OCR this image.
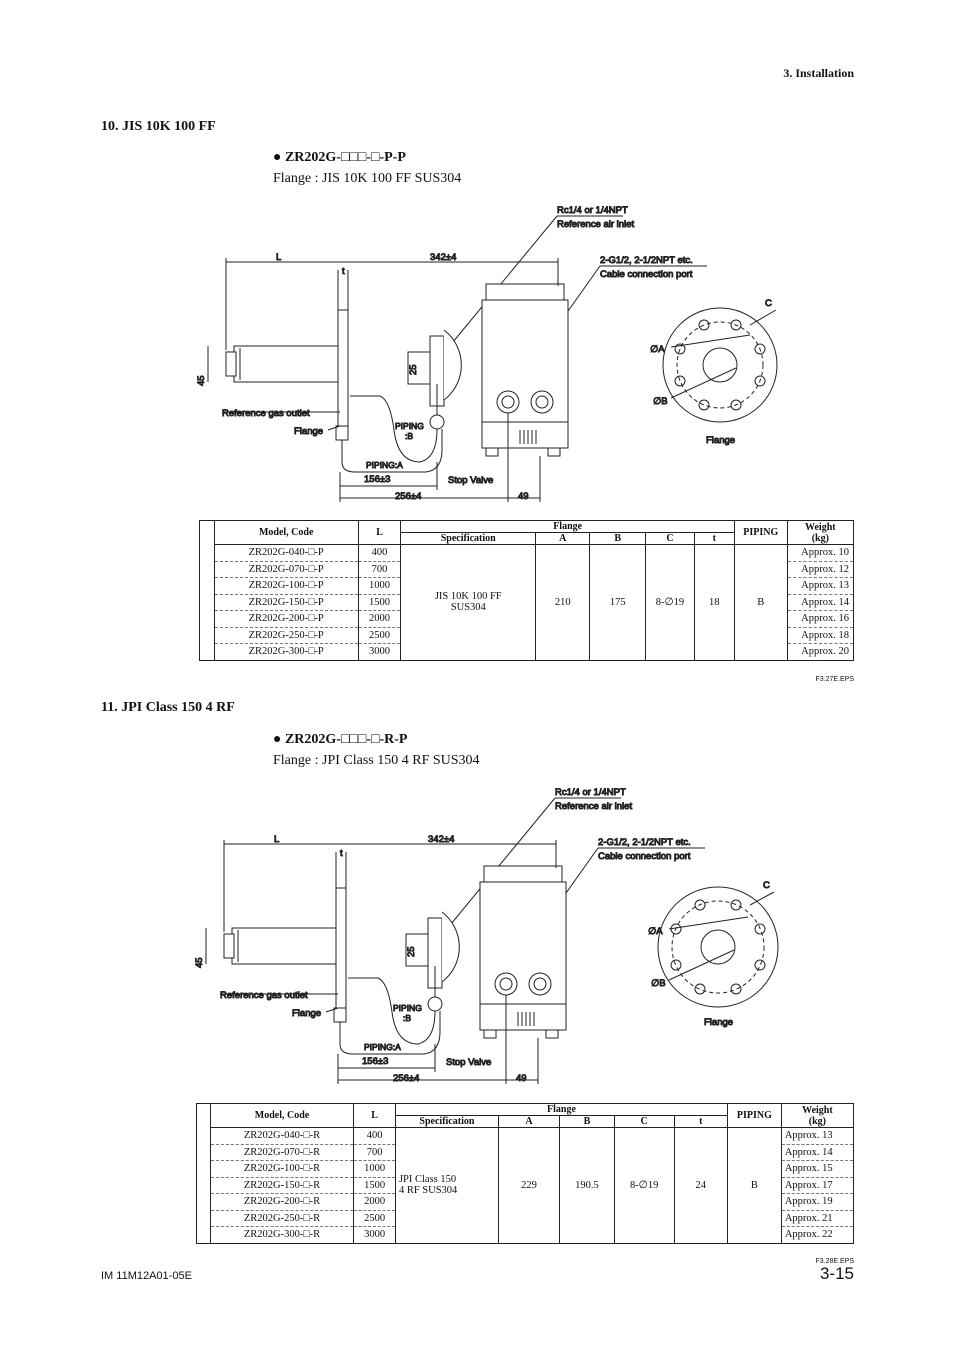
3. Installation
10. JIS 10K 100 FF
● ZR202G-□□□-□-P-P
Flange : JIS 10K 100 FF SUS304
Rc1/4 or 1/4NPT
Reference air inlet
2-G1/2, 2-1/2NPT etc.
Cable connection port
L	342±4
t
45
25
Reference gas outlet
Flange	PIPING
:B
PIPING:A
Stop Valve
156±3
256±4	49
C
∅A
∅B
Flange
	Model, Code	L	Flange					PIPING	Weight
(kg)
			Specification	A	B	C	t		
	ZR202G-040-□-P	400	JIS 10K 100 FF
SUS304	210	175	8-∅19	18	B	Approx. 10
	ZR202G-070-□-P	700							Approx. 12
	ZR202G-100-□-P	1000							Approx. 13
	ZR202G-150-□-P	1500							Approx. 14
	ZR202G-200-□-P	2000							Approx. 16
	ZR202G-250-□-P	2500							Approx. 18
	ZR202G-300-□-P	3000							Approx. 20
F3.27E.EPS
11. JPI Class 150 4 RF
● ZR202G-□□□-□-R-P
Flange : JPI Class 150 4 RF SUS304
Rc1/4 or 1/4NPT
Reference air inlet
2-G1/2, 2-1/2NPT etc.
Cable connection port
L	342±4
t
45
25
Reference gas outlet
Flange	PIPING
:B
PIPING:A
Stop Valve
156±3
256±4	49
C
∅A
∅B
Flange
	Model, Code	L	Flange					PIPING	Weight
(kg)
			Specification	A	B	C	t		
	ZR202G-040-□-R	400	JPI Class 150
4 RF SUS304	229	190.5	8-∅19	24	B	Approx. 13
	ZR202G-070-□-R	700							Approx. 14
	ZR202G-100-□-R	1000							Approx. 15
	ZR202G-150-□-R	1500							Approx. 17
	ZR202G-200-□-R	2000							Approx. 19
	ZR202G-250-□-R	2500							Approx. 21
	ZR202G-300-□-R	3000							Approx. 22
F3.28E.EPS
IM 11M12A01-05E	3-15
